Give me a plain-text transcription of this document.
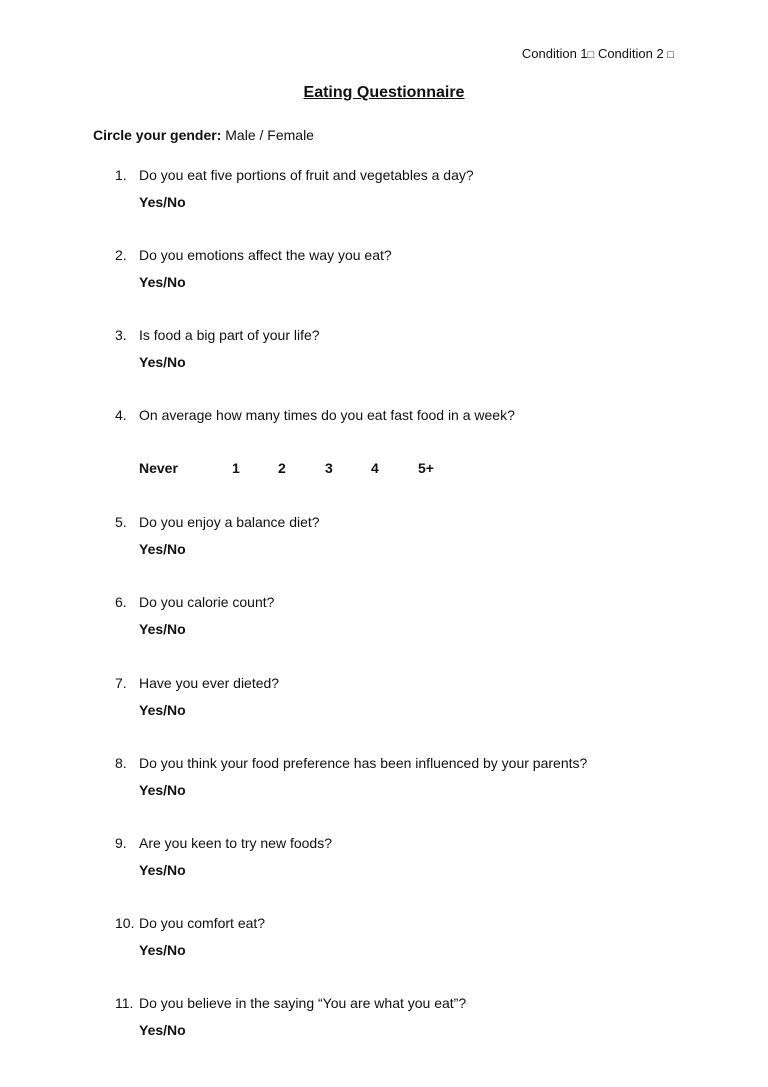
Condition 1□ Condition 2 □
Eating Questionnaire
Circle your gender: Male / Female
1. Do you eat five portions of fruit and vegetables a day?
Yes/No
2. Do you emotions affect the way you eat?
Yes/No
3. Is food a big part of your life?
Yes/No
4. On average how many times do you eat fast food in a week?
Never	1	2	3	4	5+
5. Do you enjoy a balance diet?
Yes/No
6. Do you calorie count?
Yes/No
7. Have you ever dieted?
Yes/No
8. Do you think your food preference has been influenced by your parents?
Yes/No
9. Are you keen to try new foods?
Yes/No
10. Do you comfort eat?
Yes/No
11. Do you believe in the saying “You are what you eat”?
Yes/No
